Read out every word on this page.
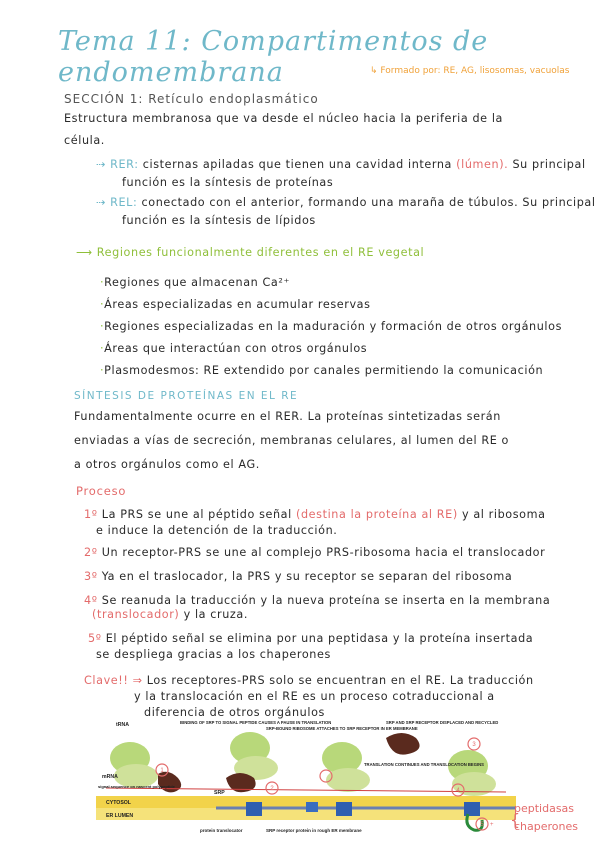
Tema 11: Compartimentos de endomembrana	↳ Formado por: RE, AG, lisosomas, vacuolas
SECCIÓN 1: Retículo endoplasmático
Estructura membranosa que va desde el núcleo hacia la periferia de la
célula.
⇢ RER: cisternas apiladas que tienen una cavidad interna (lúmen). Su principal
función es la síntesis de proteínas
⇢ REL: conectado con el anterior, formando una maraña de túbulos. Su principal
función es la síntesis de lípidos
⟶ Regiones funcionalmente diferentes en el RE vegetal
·Regiones que almacenan Ca²⁺
·Áreas especializadas en acumular reservas
·Regiones especializadas en la maduración y formación de otros orgánulos
·Áreas que interactúan con otros orgánulos
·Plasmodesmos: RE extendido por canales permitiendo la comunicación
SÍNTESIS DE PROTEÍNAS EN EL RE
Fundamentalmente ocurre en el RER. La proteínas sintetizadas serán
enviadas a vías de secreción, membranas celulares, al lumen del RE o
a otros orgánulos como el AG.
Proceso
1º La PRS se une al péptido señal (destina la proteína al RE) y al ribosoma
e induce la detención de la traducción.
2º Un receptor-PRS se une al complejo PRS-ribosoma hacia el translocador
3º Ya en el traslocador, la PRS y su receptor se separan del ribosoma
4º Se reanuda la traducción y la nueva proteína se inserta en la membrana
(translocador) y la cruza.
5º El péptido señal se elimina por una peptidasa y la proteína insertada
se despliega gracias a los chaperones
Clave!! ⇒ Los receptores-PRS solo se encuentran en el RE. La traducción
y la translocación en el RE es un proceso cotraduccional a
diferencia de otros orgánulos
tRNA
mRNA
BINDING OF SRP TO SIGNAL PEPTIDE CAUSES A PAUSE IN TRANSLATION
SRP-BOUND RIBOSOME ATTACHES TO SRP RECEPTOR IN ER MEMBRANE
SRP AND SRP RECEPTOR DISPLACED AND RECYCLED
TRANSLATION CONTINUES AND TRANSLOCATION BEGINS
signal sequence on nascent polypeptide
SRP
CYTOSOL
ER LUMEN
protein translocator	SRP receptor protein in rough ER membrane
1
2
3
4
5 +
peptidasas
{
chaperones
